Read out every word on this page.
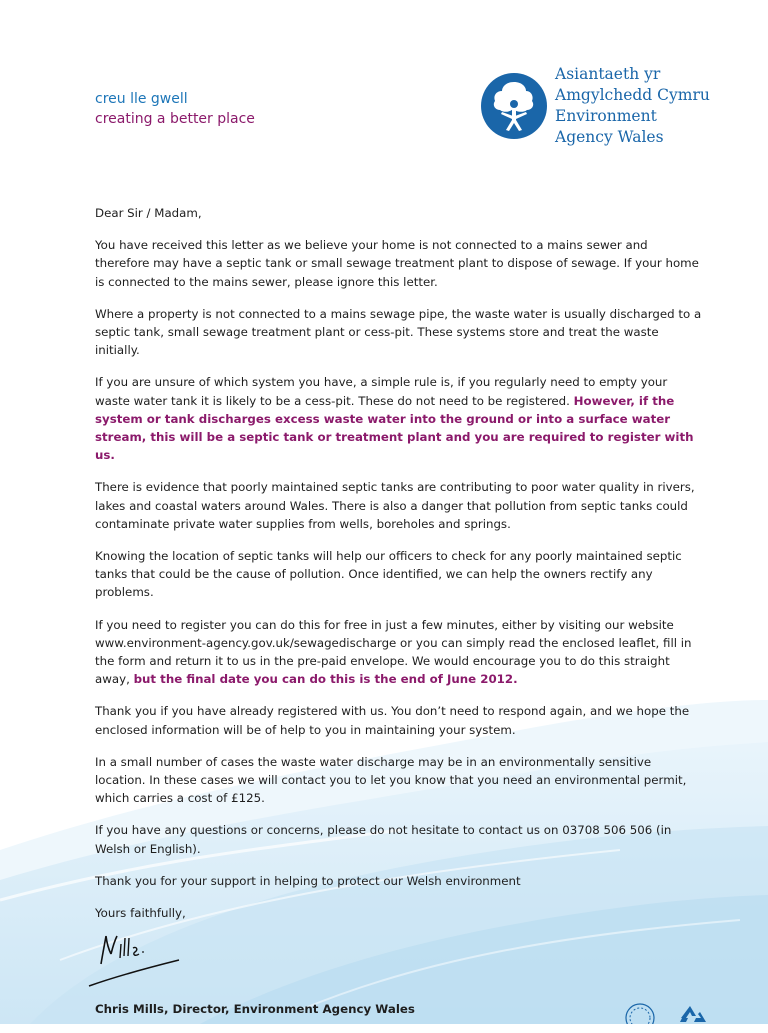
creu lle gwell
creating a better place
Asiantaeth yr
Amgylchedd Cymru
Environment
Agency Wales

Dear Sir / Madam,

You have received this letter as we believe your home is not connected to a mains sewer and therefore may have a septic tank or small sewage treatment plant to dispose of sewage. If your home is connected to the mains sewer, please ignore this letter.

Where a property is not connected to a mains sewage pipe, the waste water is usually discharged to a septic tank, small sewage treatment plant or cess-pit. These systems store and treat the waste initially.

If you are unsure of which system you have, a simple rule is, if you regularly need to empty your waste water tank it is likely to be a cess-pit. These do not need to be registered. However, if the system or tank discharges excess waste water into the ground or into a surface water stream, this will be a septic tank or treatment plant and you are required to register with us.

There is evidence that poorly maintained septic tanks are contributing to poor water quality in rivers, lakes and coastal waters around Wales. There is also a danger that pollution from septic tanks could contaminate private water supplies from wells, boreholes and springs.

Knowing the location of septic tanks will help our officers to check for any poorly maintained septic tanks that could be the cause of pollution. Once identified, we can help the owners rectify any problems.

If you need to register you can do this for free in just a few minutes, either by visiting our website www.environment-agency.gov.uk/sewagedischarge or you can simply read the enclosed leaflet, fill in the form and return it to us in the pre-paid envelope. We would encourage you to do this straight away, but the final date you can do this is the end of June 2012.

Thank you if you have already registered with us. You don’t need to respond again, and we hope the enclosed information will be of help to you in maintaining your system.

In a small number of cases the waste water discharge may be in an environmentally sensitive location. In these cases we will contact you to let you know that you need an environmental permit, which carries a cost of £125.

If you have any questions or concerns, please do not hesitate to contact us on 03708 506 506 (in Welsh or English).

Thank you for your support in helping to protect our Welsh environment

Yours faithfully,

Chris Mills, Director, Environment Agency Wales
